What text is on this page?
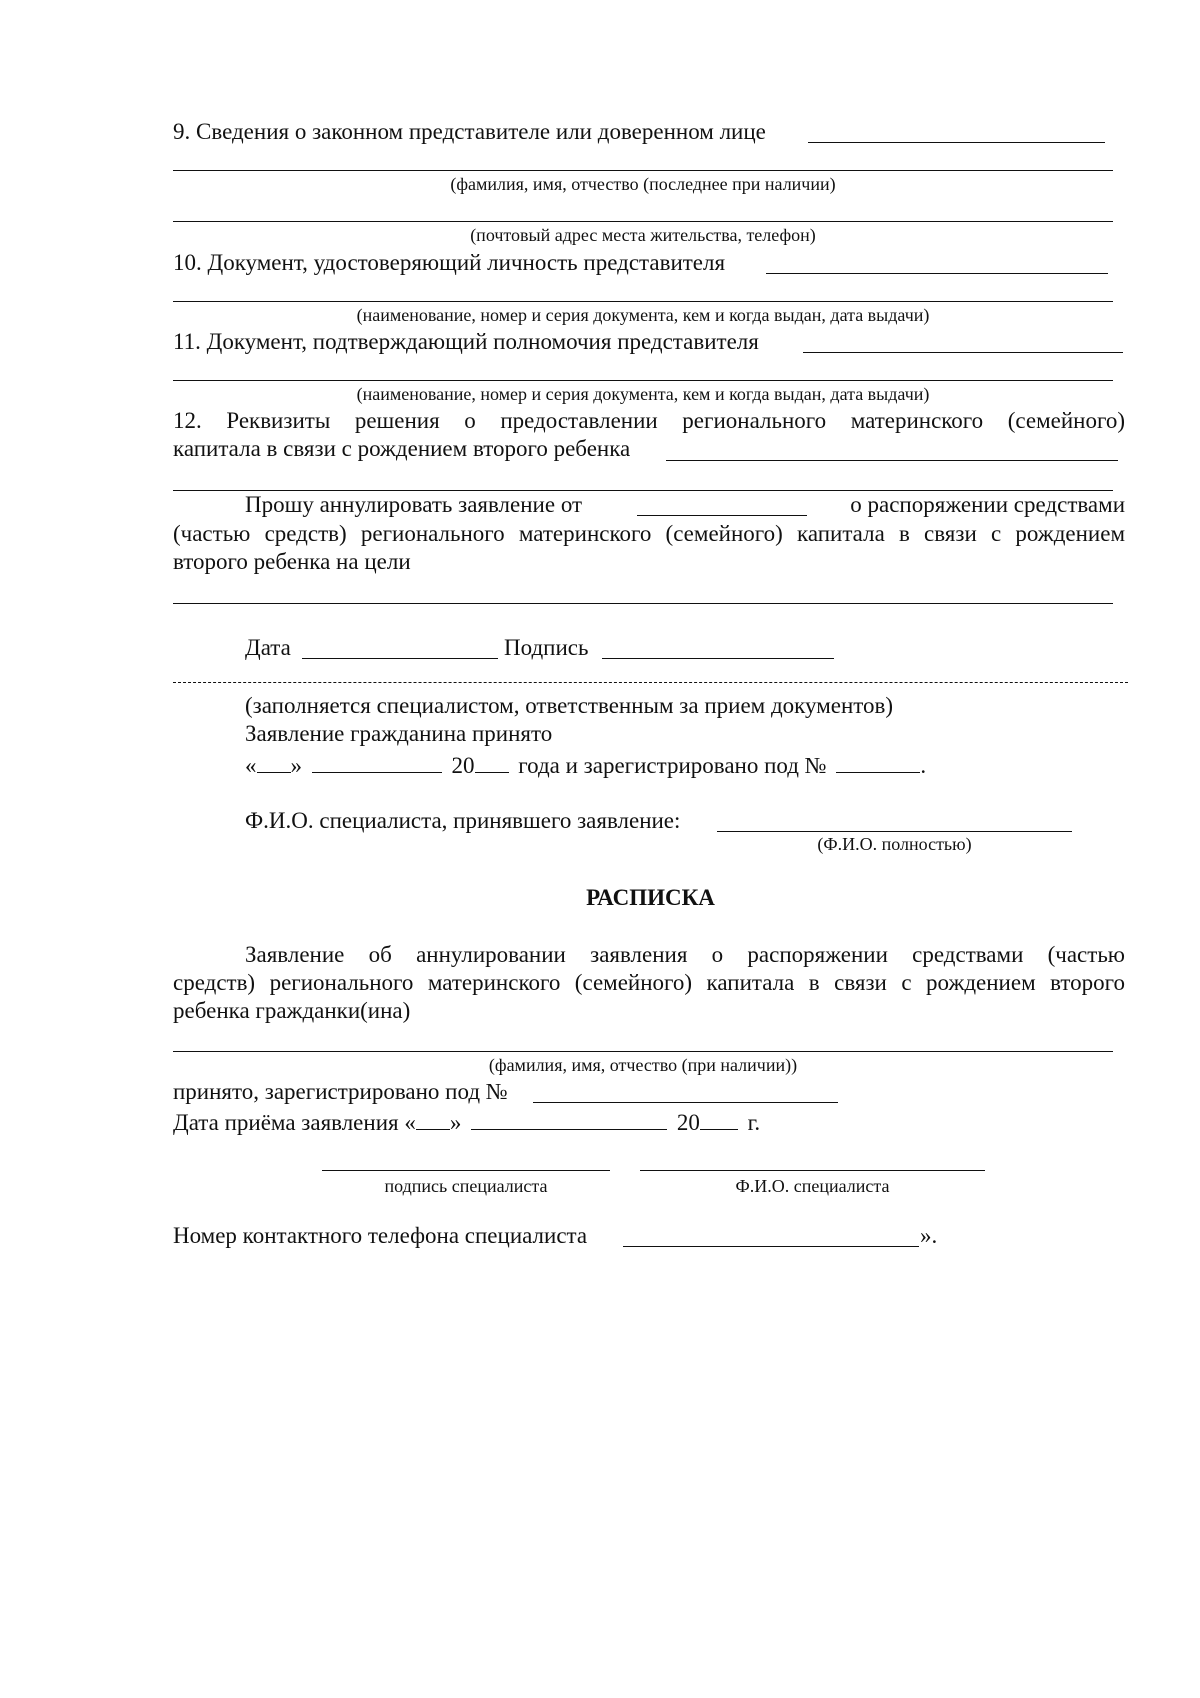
9. Сведения о законном представителе или доверенном лице
(фамилия, имя, отчество (последнее при наличии)
(почтовый адрес места жительства, телефон)
10. Документ, удостоверяющий личность представителя
(наименование, номер и серия документа, кем и когда выдан, дата выдачи)
11. Документ, подтверждающий полномочия представителя
(наименование, номер и серия документа, кем и когда выдан, дата выдачи)
12. Реквизиты решения о предоставлении регионального материнского (семейного)
капитала в связи с рождением второго ребенка
Прошу аннулировать заявление от	о распоряжении средствами
(частью средств) регионального материнского (семейного) капитала в связи с рождением
второго ребенка на цели
Дата	Подпись
(заполняется специалистом, ответственным за прием документов)
Заявление гражданина принято
« »	20 года и зарегистрировано под №	.
Ф.И.О. специалиста, принявшего заявление:
(Ф.И.О. полностью)
РАСПИСКА
Заявление об аннулировании заявления о распоряжении средствами (частью
средств) регионального материнского (семейного) капитала в связи с рождением второго
ребенка гражданки(ина)
(фамилия, имя, отчество (при наличии))
принято, зарегистрировано под №
Дата приёма заявления « »	20 г.
подпись специалиста	Ф.И.О. специалиста
Номер контактного телефона специалиста	».
